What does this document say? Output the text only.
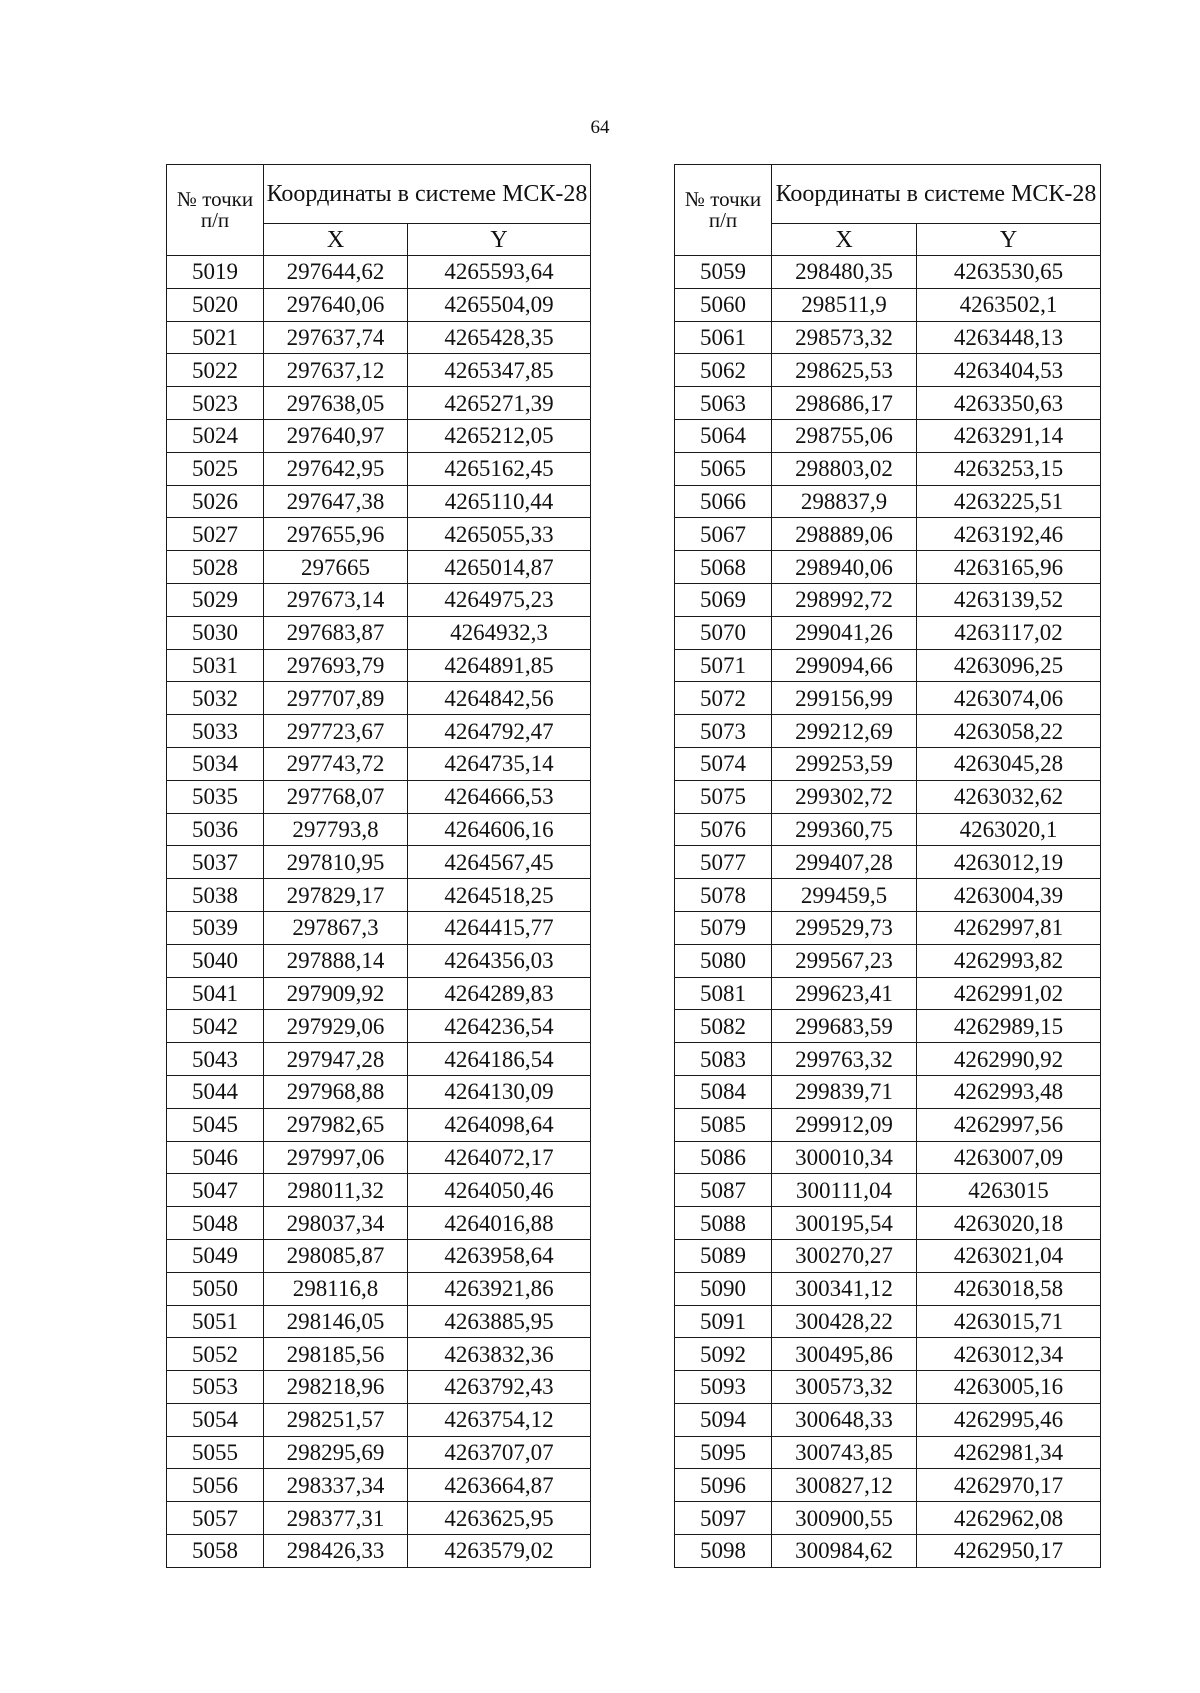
64
№ точки п/п	Координаты в системе МСК-28	
	X	Y
5019	297644,62	4265593,64
5020	297640,06	4265504,09
5021	297637,74	4265428,35
5022	297637,12	4265347,85
5023	297638,05	4265271,39
5024	297640,97	4265212,05
5025	297642,95	4265162,45
5026	297647,38	4265110,44
5027	297655,96	4265055,33
5028	297665	4265014,87
5029	297673,14	4264975,23
5030	297683,87	4264932,3
5031	297693,79	4264891,85
5032	297707,89	4264842,56
5033	297723,67	4264792,47
5034	297743,72	4264735,14
5035	297768,07	4264666,53
5036	297793,8	4264606,16
5037	297810,95	4264567,45
5038	297829,17	4264518,25
5039	297867,3	4264415,77
5040	297888,14	4264356,03
5041	297909,92	4264289,83
5042	297929,06	4264236,54
5043	297947,28	4264186,54
5044	297968,88	4264130,09
5045	297982,65	4264098,64
5046	297997,06	4264072,17
5047	298011,32	4264050,46
5048	298037,34	4264016,88
5049	298085,87	4263958,64
5050	298116,8	4263921,86
5051	298146,05	4263885,95
5052	298185,56	4263832,36
5053	298218,96	4263792,43
5054	298251,57	4263754,12
5055	298295,69	4263707,07
5056	298337,34	4263664,87
5057	298377,31	4263625,95
5058	298426,33	4263579,02
№ точки п/п	Координаты в системе МСК-28	
	X	Y
5059	298480,35	4263530,65
5060	298511,9	4263502,1
5061	298573,32	4263448,13
5062	298625,53	4263404,53
5063	298686,17	4263350,63
5064	298755,06	4263291,14
5065	298803,02	4263253,15
5066	298837,9	4263225,51
5067	298889,06	4263192,46
5068	298940,06	4263165,96
5069	298992,72	4263139,52
5070	299041,26	4263117,02
5071	299094,66	4263096,25
5072	299156,99	4263074,06
5073	299212,69	4263058,22
5074	299253,59	4263045,28
5075	299302,72	4263032,62
5076	299360,75	4263020,1
5077	299407,28	4263012,19
5078	299459,5	4263004,39
5079	299529,73	4262997,81
5080	299567,23	4262993,82
5081	299623,41	4262991,02
5082	299683,59	4262989,15
5083	299763,32	4262990,92
5084	299839,71	4262993,48
5085	299912,09	4262997,56
5086	300010,34	4263007,09
5087	300111,04	4263015
5088	300195,54	4263020,18
5089	300270,27	4263021,04
5090	300341,12	4263018,58
5091	300428,22	4263015,71
5092	300495,86	4263012,34
5093	300573,32	4263005,16
5094	300648,33	4262995,46
5095	300743,85	4262981,34
5096	300827,12	4262970,17
5097	300900,55	4262962,08
5098	300984,62	4262950,17
